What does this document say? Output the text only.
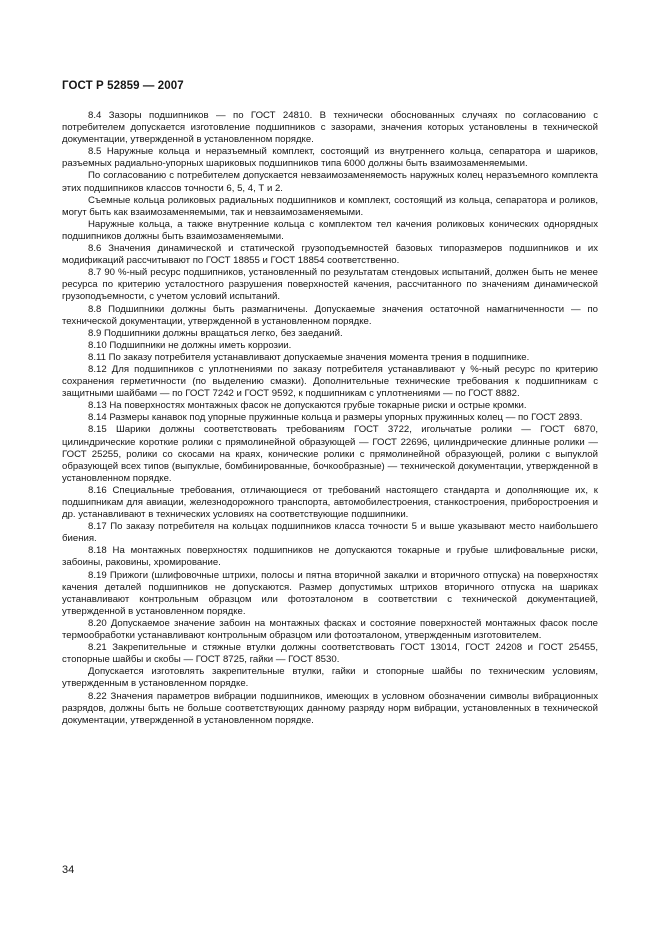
ГОСТ Р 52859 — 2007

8.4 Зазоры подшипников — по ГОСТ 24810. В технически обоснованных случаях по согласованию с потребителем допускается изготовление подшипников с зазорами, значения которых установлены в технической документации, утвержденной в установленном порядке.

8.5 Наружные кольца и неразъемный комплект, состоящий из внутреннего кольца, сепаратора и шариков, разъемных радиально-упорных шариковых подшипников типа 6000 должны быть взаимозаменяемыми.

По согласованию с потребителем допускается невзаимозаменяемость наружных колец неразъемного комплекта этих подшипников классов точности 6, 5, 4, Т и 2.

Съемные кольца роликовых радиальных подшипников и комплект, состоящий из кольца, сепаратора и роликов, могут быть как взаимозаменяемыми, так и невзаимозаменяемыми.

Наружные кольца, а также внутренние кольца с комплектом тел качения роликовых конических однорядных подшипников должны быть взаимозаменяемыми.

8.6 Значения динамической и статической грузоподъемностей базовых типоразмеров подшипников и их модификаций рассчитывают по ГОСТ 18855 и ГОСТ 18854 соответственно.

8.7 90 %-ный ресурс подшипников, установленный по результатам стендовых испытаний, должен быть не менее ресурса по критерию усталостного разрушения поверхностей качения, рассчитанного по значениям динамической грузоподъемности, с учетом условий испытаний.

8.8 Подшипники должны быть размагничены. Допускаемые значения остаточной намагниченности — по технической документации, утвержденной в установленном порядке.

8.9 Подшипники должны вращаться легко, без заеданий.

8.10 Подшипники не должны иметь коррозии.

8.11 По заказу потребителя устанавливают допускаемые значения момента трения в подшипнике.

8.12 Для подшипников с уплотнениями по заказу потребителя устанавливают γ %-ный ресурс по критерию сохранения герметичности (по выделению смазки). Дополнительные технические требования к подшипникам с защитными шайбами — по ГОСТ 7242 и ГОСТ 9592, к подшипникам с уплотнениями — по ГОСТ 8882.

8.13 На поверхностях монтажных фасок не допускаются грубые токарные риски и острые кромки.

8.14 Размеры канавок под упорные пружинные кольца и размеры упорных пружинных колец — по ГОСТ 2893.

8.15 Шарики должны соответствовать требованиям ГОСТ 3722, игольчатые ролики — ГОСТ 6870, цилиндрические короткие ролики с прямолинейной образующей — ГОСТ 22696, цилиндрические длинные ролики — ГОСТ 25255, ролики со скосами на краях, конические ролики с прямолинейной образующей, ролики с выпуклой образующей всех типов (выпуклые, бомбинированные, бочкообразные) — технической документации, утвержденной в установленном порядке.

8.16 Специальные требования, отличающиеся от требований настоящего стандарта и дополняющие их, к подшипникам для авиации, железнодорожного транспорта, автомобилестроения, станкостроения, приборостроения и др. устанавливают в технических условиях на соответствующие подшипники.

8.17 По заказу потребителя на кольцах подшипников класса точности 5 и выше указывают место наибольшего биения.

8.18 На монтажных поверхностях подшипников не допускаются токарные и грубые шлифовальные риски, забоины, раковины, хромирование.

8.19 Прижоги (шлифовочные штрихи, полосы и пятна вторичной закалки и вторичного отпуска) на поверхностях качения деталей подшипников не допускаются. Размер допустимых штрихов вторичного отпуска на шариках устанавливают контрольным образцом или фотоэталоном в соответствии с технической документацией, утвержденной в установленном порядке.

8.20 Допускаемое значение забоин на монтажных фасках и состояние поверхностей монтажных фасок после термообработки устанавливают контрольным образцом или фотоэталоном, утвержденным изготовителем.

8.21 Закрепительные и стяжные втулки должны соответствовать ГОСТ 13014, ГОСТ 24208 и ГОСТ 25455, стопорные шайбы и скобы — ГОСТ 8725, гайки — ГОСТ 8530.

Допускается изготовлять закрепительные втулки, гайки и стопорные шайбы по техническим условиям, утвержденным в установленном порядке.

8.22 Значения параметров вибрации подшипников, имеющих в условном обозначении символы вибрационных разрядов, должны быть не больше соответствующих данному разряду норм вибрации, установленных в технической документации, утвержденной в установленном порядке.

34
